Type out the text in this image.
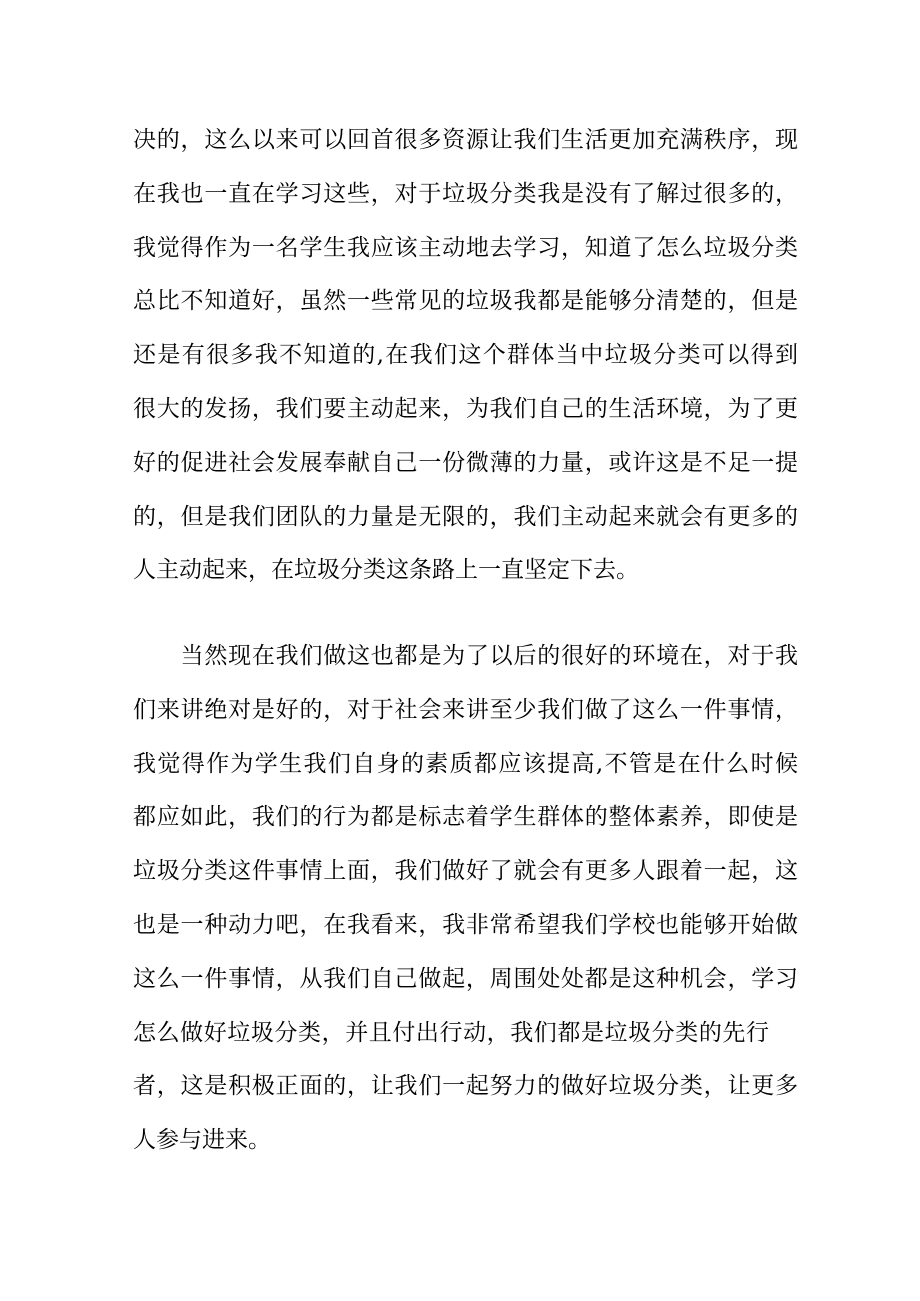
决的，这么以来可以回首很多资源让我们生活更加充满秩序，现
在我也一直在学习这些，对于垃圾分类我是没有了解过很多的，
我觉得作为一名学生我应该主动地去学习，知道了怎么垃圾分类
总比不知道好，虽然一些常见的垃圾我都是能够分清楚的，但是
还是有很多我不知道的,在我们这个群体当中垃圾分类可以得到
很大的发扬，我们要主动起来，为我们自己的生活环境，为了更
好的促进社会发展奉献自己一份微薄的力量，或许这是不足一提
的，但是我们团队的力量是无限的，我们主动起来就会有更多的
人主动起来，在垃圾分类这条路上一直坚定下去。
　　当然现在我们做这也都是为了以后的很好的环境在，对于我
们来讲绝对是好的，对于社会来讲至少我们做了这么一件事情，
我觉得作为学生我们自身的素质都应该提高,不管是在什么时候
都应如此，我们的行为都是标志着学生群体的整体素养，即使是
垃圾分类这件事情上面，我们做好了就会有更多人跟着一起，这
也是一种动力吧，在我看来，我非常希望我们学校也能够开始做
这么一件事情，从我们自己做起，周围处处都是这种机会，学习
怎么做好垃圾分类，并且付出行动，我们都是垃圾分类的先行
者，这是积极正面的，让我们一起努力的做好垃圾分类，让更多
人参与进来。
